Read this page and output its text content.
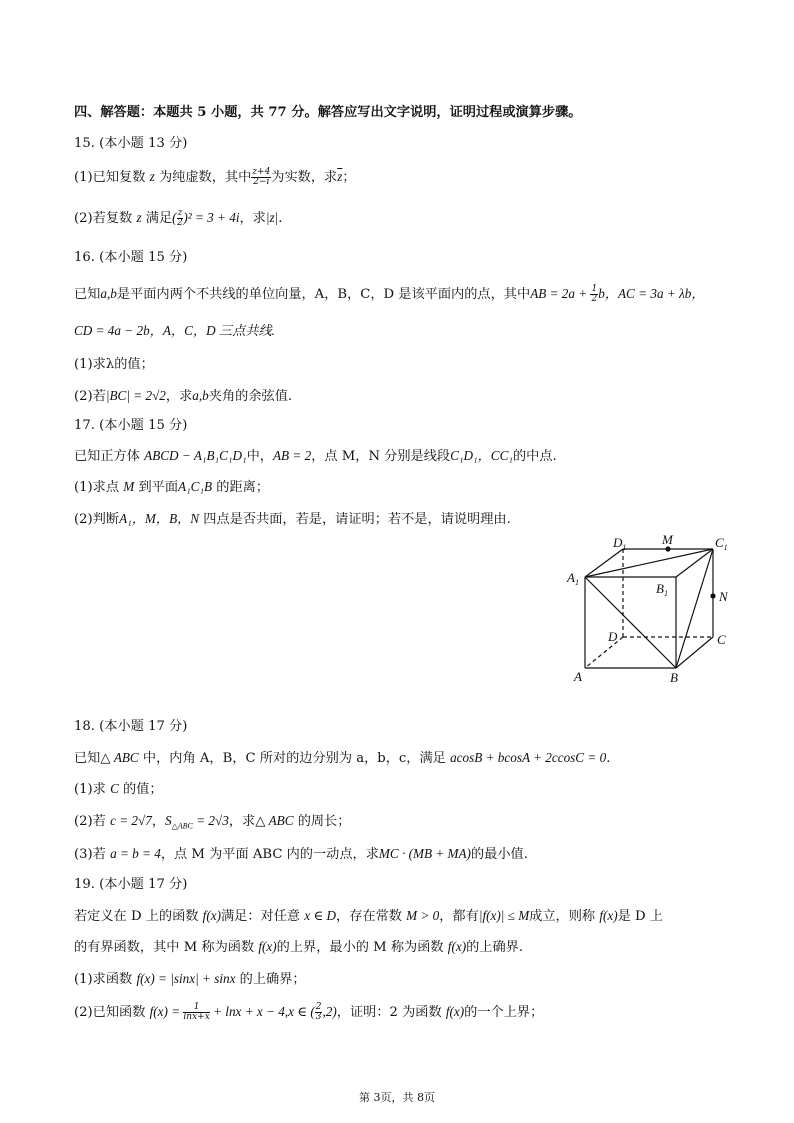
四、解答题：本题共 5 小题，共 77 分。解答应写出文字说明，证明过程或演算步骤。
15. (本小题 13 分)
(1)已知复数 z 为纯虚数，其中 $\frac{z+4}{2-i}$ 为实数，求$\overline{z}$；
(2)若复数 z 满足( $\frac{z}{2} )^2 = 3 + 4i$，求|z|.
16. (本小题 15 分)
已知a,b是平面内两个不共线的单位向量，A，B，C，D 是该平面内的点，其中AB = $2a + \frac{1}{2}$ b，AC = 3a + λb，
CD = 4a − 2b，A，C，D 三点共线.
(1)求λ的值；
(2)若|BC| = 2√2，求a,b夹角的余弦值.
17. (本小题 15 分)
已知正方体 ABCD − A₁B₁C₁D₁中，AB = 2，点 M，N 分别是线段C₁D₁，CC₁的中点.
(1)求点 M 到平面A₁C₁B 的距离；
(2)判断A₁，M，B，N 四点是否共面，若是，请证明；若不是，请说明理由.
$D_1$
M	$C_1$
$A_1$	$B_1$	N
D	C
A	B
18. (本小题 17 分)
已知△ ABC 中，内角 A，B，C 所对的边分别为 a，b，c，满足 acosB + bcosA + 2ccosC = 0.
(1)求 C 的值；
(2)若 c = 2√7，$S_{\triangle ABC} = 2√3$，求△ ABC 的周长；
(3)若 a = b = 4，点 M 为平面 ABC 内的一动点，求MC · (MB + MA)的最小值.
19. (本小题 17 分)
若定义在 D 上的函数 f(x)满足：对任意 x ∈ D，存在常数 M > 0，都有|f(x)| ≤ M成立，则称 f(x)是 D 上
的有界函数，其中 M 称为函数 f(x)的上界，最小的 M 称为函数 f(x)的上确界.
(1)求函数 f(x) = |sinx| + sinx 的上确界；
(2)已知函数 $f(x) = \frac{1}{\ln x+x} + \ln x + x - 4,x$ ∈ ( $\frac{2}{3} ,2$)，证明：2 为函数 f(x)的一个上界；
第 3页，共 8页
